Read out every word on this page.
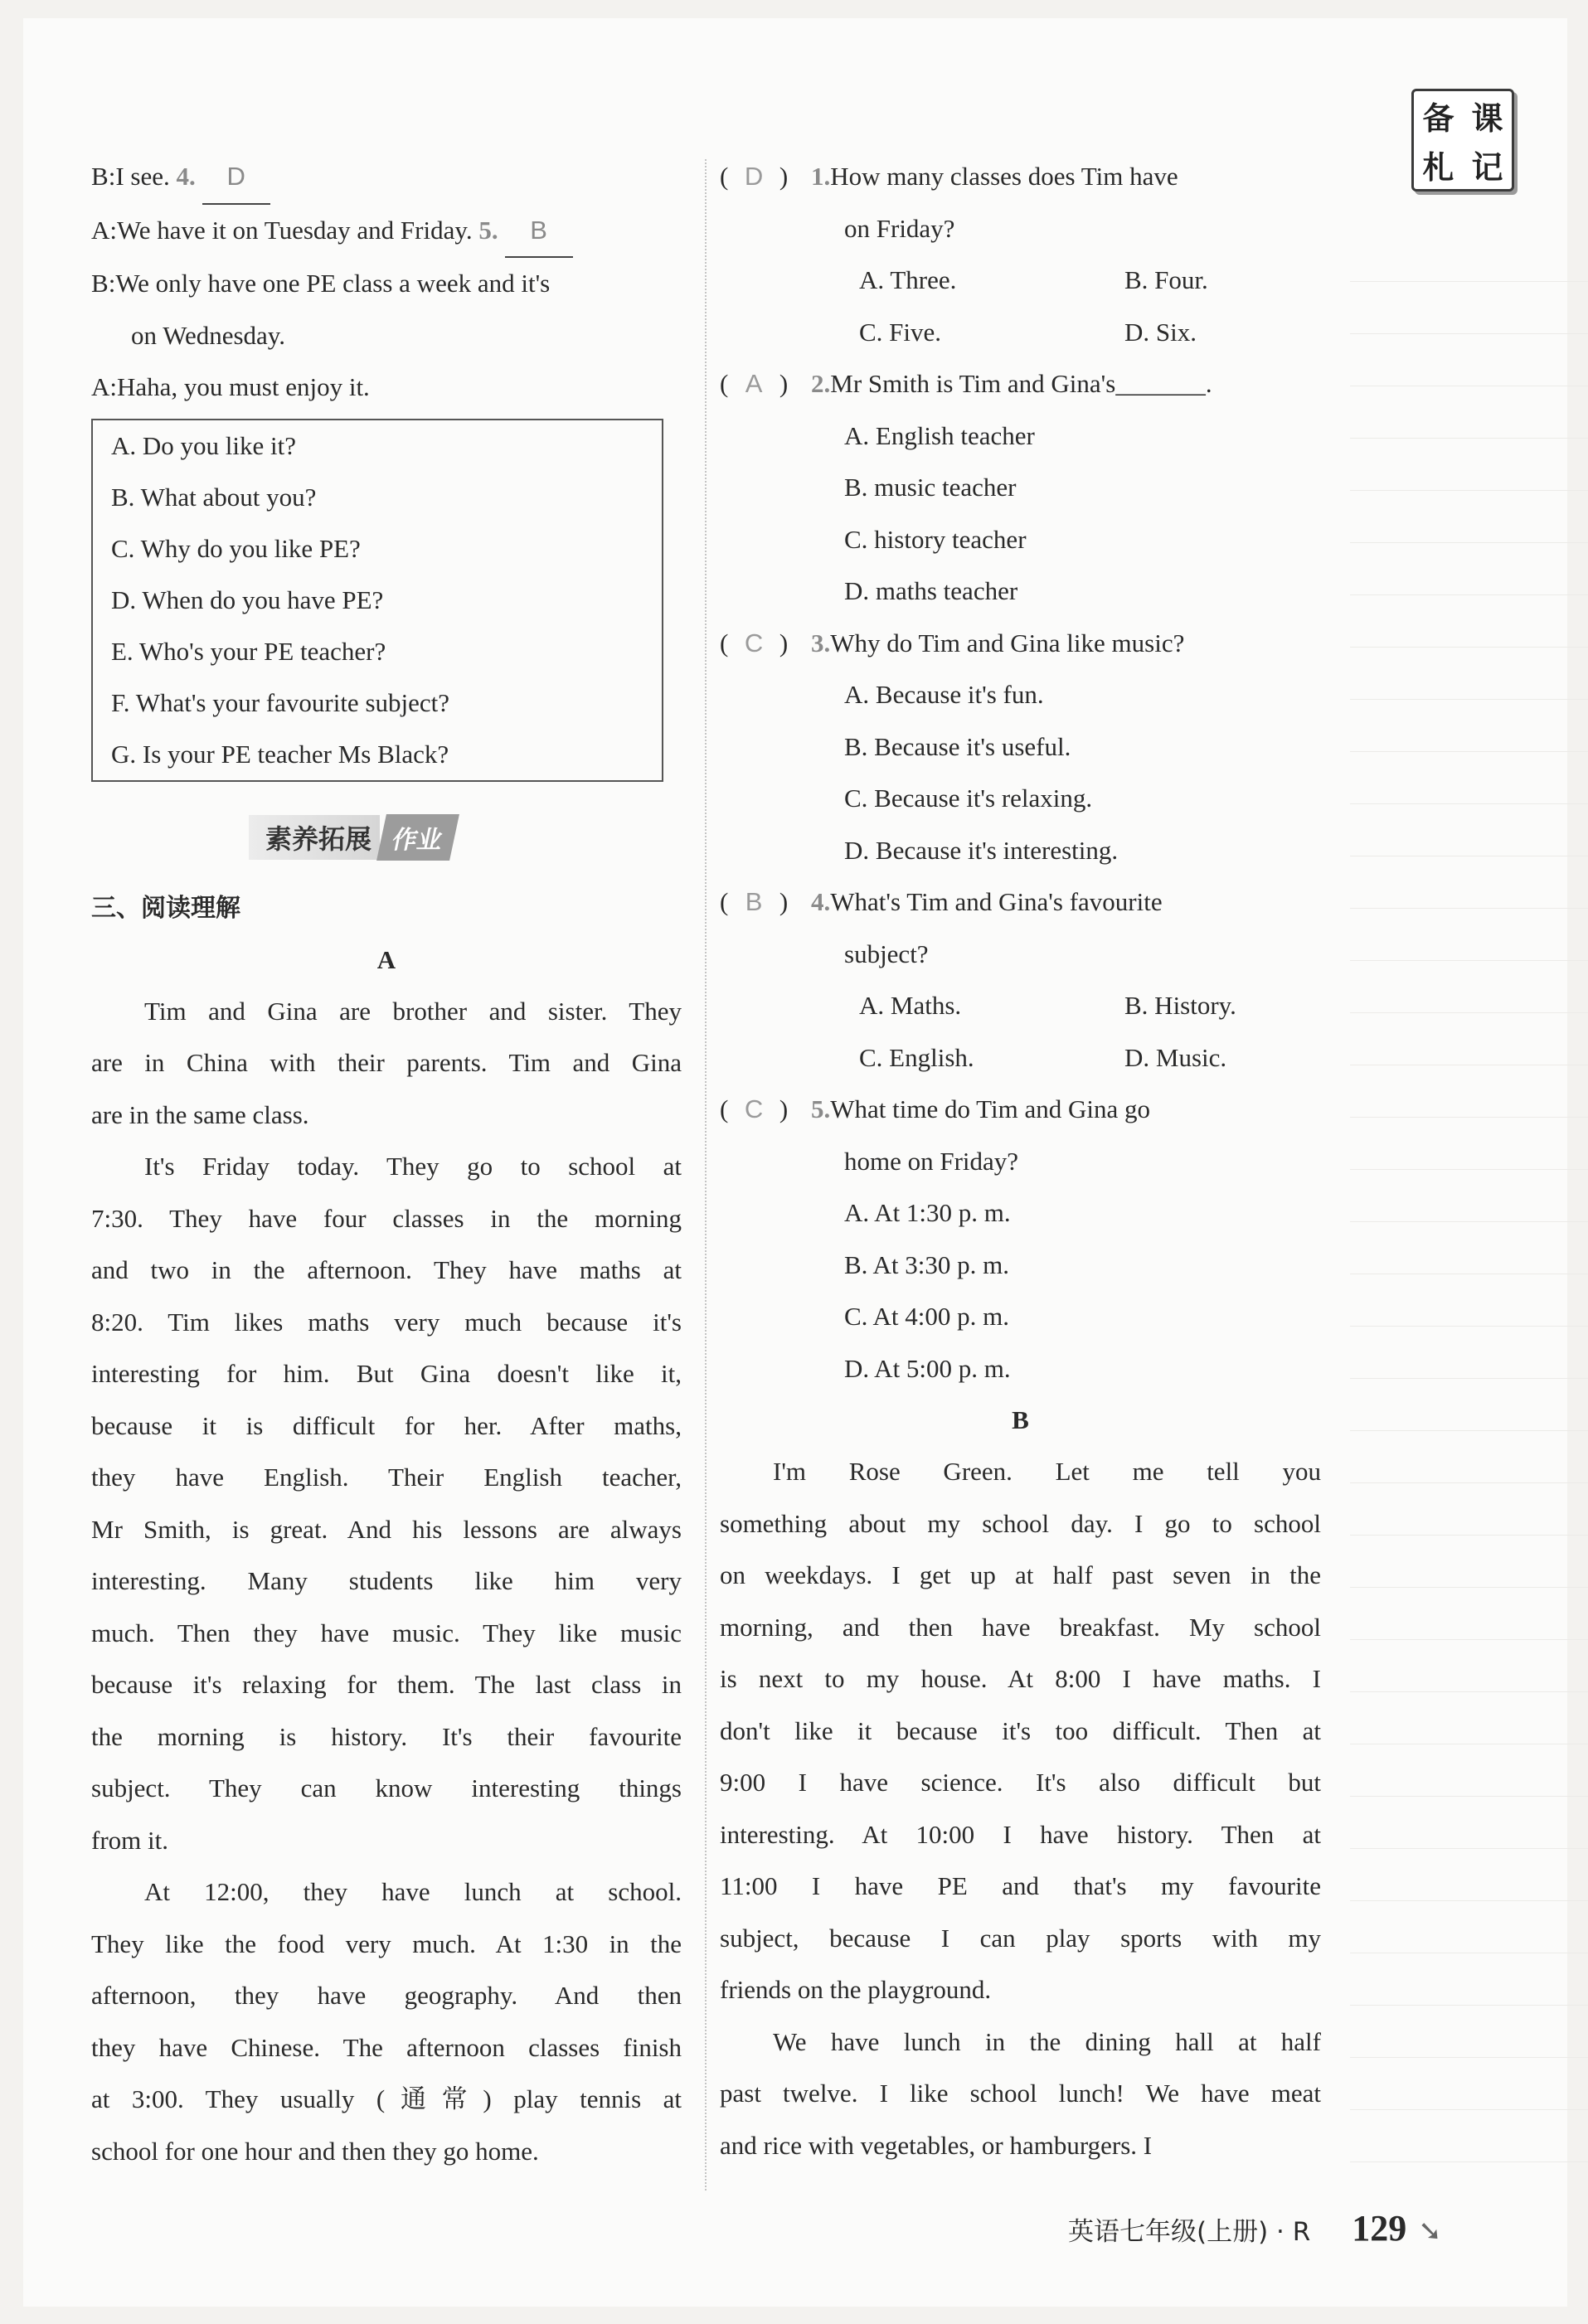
备 课
札 记
B:I see. 4. D
A:We have it on Tuesday and Friday. 5. B
B:We only have one PE class a week and it's
on Wednesday.
A:Haha, you must enjoy it.
A. Do you like it?
B. What about you?
C. Why do you like PE?
D. When do you have PE?
E. Who's your PE teacher?
F. What's your favourite subject?
G. Is your PE teacher Ms Black?
素养拓展 作业
三、阅读理解
A
Tim and Gina are brother and sister. They
are in China with their parents. Tim and Gina
are in the same class.
It's Friday today. They go to school at
7:30. They have four classes in the morning
and two in the afternoon. They have maths at
8:20. Tim likes maths very much because it's
interesting for him. But Gina doesn't like it,
because it is difficult for her. After maths,
they have English. Their English teacher,
Mr Smith, is great. And his lessons are always
interesting. Many students like him very
much. Then they have music. They like music
because it's relaxing for them. The last class in
the morning is history. It's their favourite
subject. They can know interesting things
from it.
At 12:00, they have lunch at school.
They like the food very much. At 1:30 in the
afternoon, they have geography. And then
they have Chinese. The afternoon classes finish
at 3:00. They usually (通常) play tennis at
school for one hour and then they go home.
( D ) 1.How many classes does Tim have
on Friday?
A. Three.	B. Four.
C. Five.	D. Six.
( A ) 2.Mr Smith is Tim and Gina's_______.
A. English teacher
B. music teacher
C. history teacher
D. maths teacher
( C ) 3.Why do Tim and Gina like music?
A. Because it's fun.
B. Because it's useful.
C. Because it's relaxing.
D. Because it's interesting.
( B ) 4.What's Tim and Gina's favourite
subject?
A. Maths.	B. History.
C. English.	D. Music.
( C ) 5.What time do Tim and Gina go
home on Friday?
A. At 1:30 p. m.
B. At 3:30 p. m.
C. At 4:00 p. m.
D. At 5:00 p. m.
B
I'm Rose Green. Let me tell you
something about my school day. I go to school
on weekdays. I get up at half past seven in the
morning, and then have breakfast. My school
is next to my house. At 8:00 I have maths. I
don't like it because it's too difficult. Then at
9:00 I have science. It's also difficult but
interesting. At 10:00 I have history. Then at
11:00 I have PE and that's my favourite
subject, because I can play sports with my
friends on the playground.
We have lunch in the dining hall at half
past twelve. I like school lunch! We have meat
and rice with vegetables, or hamburgers. I
英语七年级(上册) · R 129 ➘
